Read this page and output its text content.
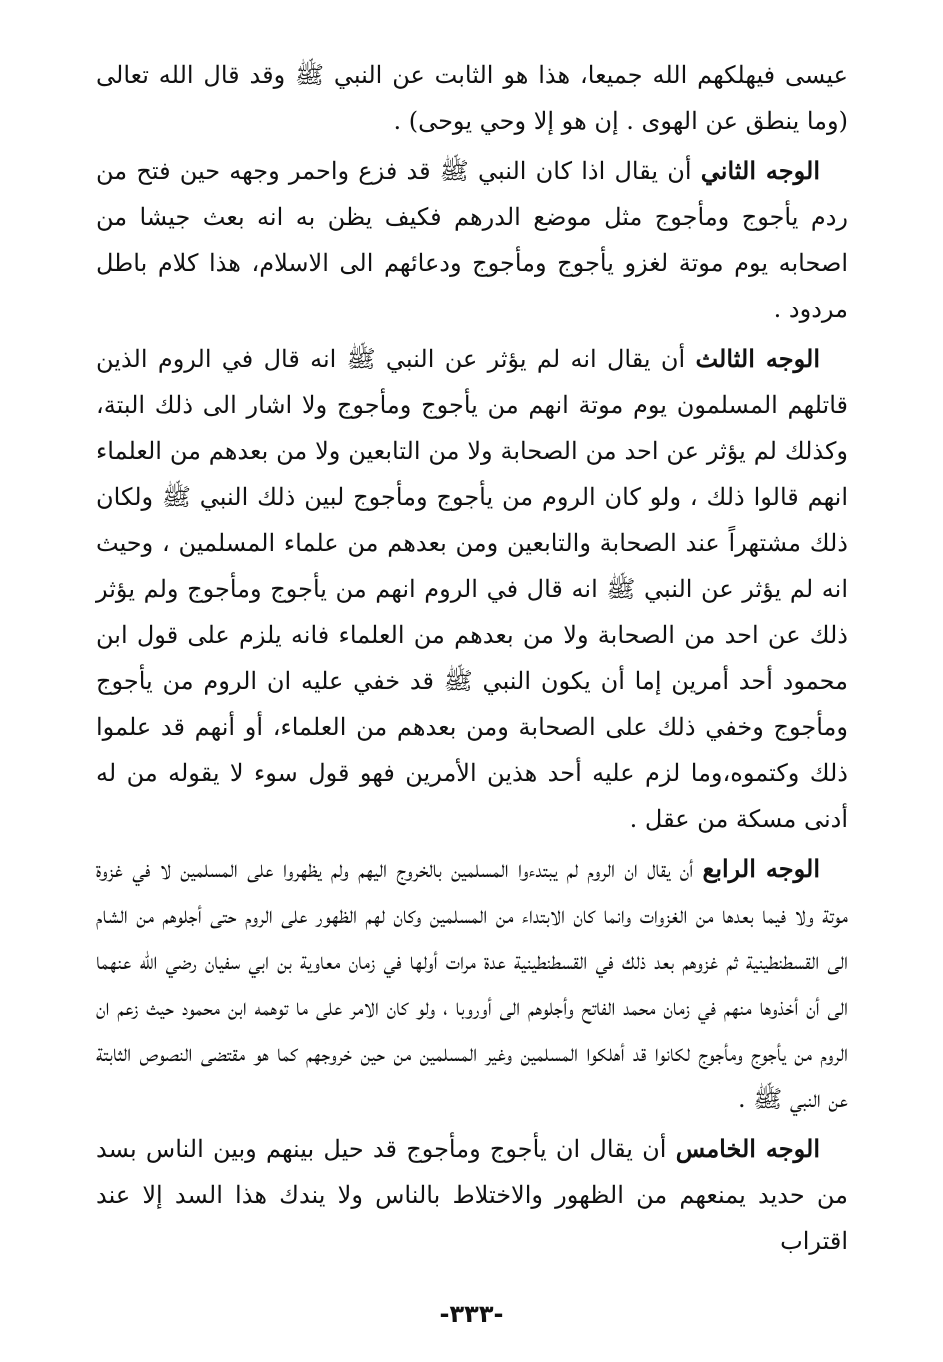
عيسى فيهلكهم الله جميعا، هذا هو الثابت عن النبي ﷺ وقد قال الله تعالى (وما ينطق عن الهوى . إن هو إلا وحي يوحى) .

الوجه الثاني أن يقال اذا كان النبي ﷺ قد فزع واحمر وجهه حين فتح من ردم يأجوج ومأجوج مثل موضع الدرهم فكيف يظن به انه بعث جيشا من اصحابه يوم موتة لغزو يأجوج ومأجوج ودعائهم الى الاسلام، هذا كلام باطل مردود .

الوجه الثالث أن يقال انه لم يؤثر عن النبي ﷺ انه قال في الروم الذين قاتلهم المسلمون يوم موتة انهم من يأجوج ومأجوج ولا اشار الى ذلك البتة، وكذلك لم يؤثر عن احد من الصحابة ولا من التابعين ولا من بعدهم من العلماء انهم قالوا ذلك ، ولو كان الروم من يأجوج ومأجوج لبين ذلك النبي ﷺ ولكان ذلك مشتهراً عند الصحابة والتابعين ومن بعدهم من علماء المسلمين ، وحيث انه لم يؤثر عن النبي ﷺ انه قال في الروم انهم من يأجوج ومأجوج ولم يؤثر ذلك عن احد من الصحابة ولا من بعدهم من العلماء فانه يلزم على قول ابن محمود أحد أمرين إما أن يكون النبي ﷺ قد خفي عليه ان الروم من يأجوج ومأجوج وخفي ذلك على الصحابة ومن بعدهم من العلماء، أو أنهم قد علموا ذلك وكتموه،وما لزم عليه أحد هذين الأمرين فهو قول سوء لا يقوله من له أدنى مسكة من عقل .

الوجه الرابع أن يقال ان الروم لم يبتدءوا المسلمين بالخروج اليهم ولم يظهروا على المسلمين لا في غزوة موتة ولا فيما بعدها من الغزوات وانما كان الابتداء من المسلمين وكان لهم الظهور على الروم حتى أجلوهم من الشام الى القسطنطينية ثم غزوهم بعد ذلك في القسطنطينية عدة مرات أولها في زمان معاوية بن ابي سفيان رضي الله عنهما الى أن أخذوها منهم في زمان محمد الفاتح وأجلوهم الى أوروبا ، ولو كان الامر على ما توهمه ابن محمود حيث زعم ان الروم من يأجوج ومأجوج لكانوا قد أهلكوا المسلمين وغير المسلمين من حين خروجهم كما هو مقتضى النصوص الثابتة عن النبي ﷺ .

الوجه الخامس أن يقال ان يأجوج ومأجوج قد حيل بينهم وبين الناس بسد من حديد يمنعهم من الظهور والاختلاط بالناس ولا يندك هذا السد إلا عند اقتراب

-٣٣٣-
